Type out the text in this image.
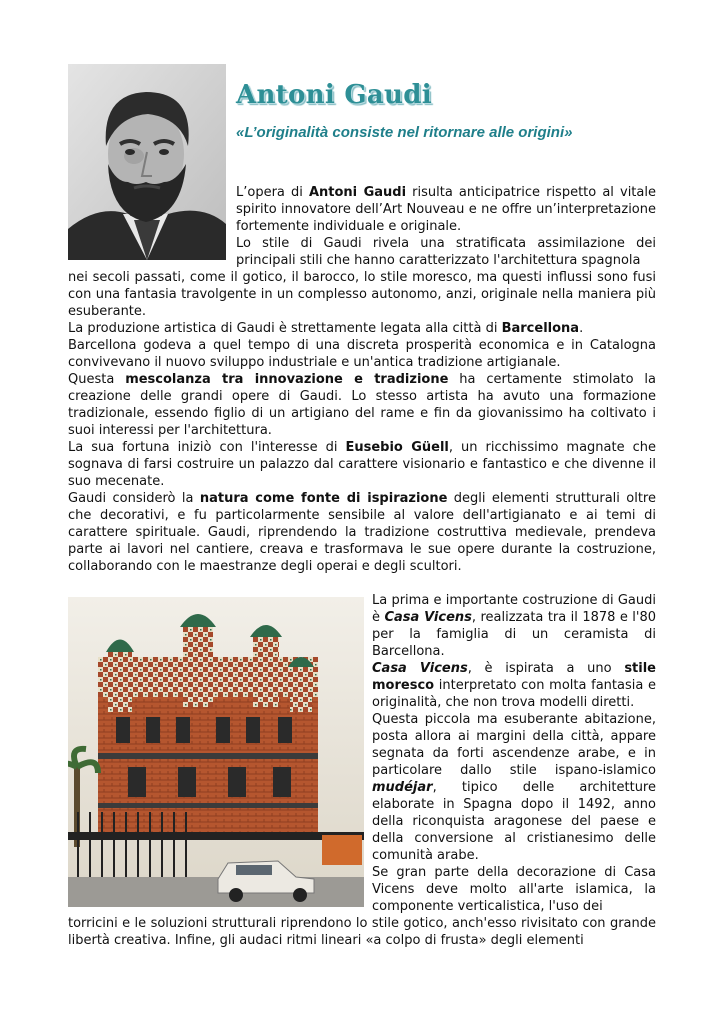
Antoni Gaudi

«L’originalità consiste nel ritornare alle origini»

L’opera di Antoni Gaudi risulta anticipatrice rispetto al vitale spirito innovatore dell’Art Nouveau e ne offre un’interpretazione fortemente individuale e originale.

Lo stile di Gaudi rivela una stratificata assimilazione dei principali stili che hanno caratterizzato l'architettura spagnola

nei secoli passati, come il gotico, il barocco, lo stile moresco, ma questi influssi sono fusi con una fantasia travolgente in un complesso autonomo, anzi, originale nella maniera più esuberante.

La produzione artistica di Gaudi è strettamente legata alla città di Barcellona.

Barcellona godeva a quel tempo di una discreta prosperità economica e in Catalogna convivevano il nuovo sviluppo industriale e un'antica tradizione artigianale.

Questa mescolanza tra innovazione e tradizione ha certamente stimolato la creazione delle grandi opere di Gaudi. Lo stesso artista ha avuto una formazione tradizionale, essendo figlio di un artigiano del rame e fin da giovanissimo ha coltivato i suoi interessi per l'architettura.

La sua fortuna iniziò con l'interesse di Eusebio Güell, un ricchissimo magnate che sognava di farsi costruire un palazzo dal carattere visionario e fantastico e che divenne il suo mecenate.

Gaudi considerò la natura come fonte di ispirazione degli elementi strutturali oltre che decorativi, e fu particolarmente sensibile al valore dell'artigianato e ai temi di carattere spirituale. Gaudi, riprendendo la tradizione costruttiva medievale, prendeva parte ai lavori nel cantiere, creava e trasformava le sue opere durante la costruzione, collaborando con le maestranze degli operai e degli scultori.

La prima e importante costruzione di Gaudi è Casa Vicens, realizzata tra il 1878 e l'80 per la famiglia di un ceramista di Barcellona.

Casa Vicens, è ispirata a uno stile moresco interpretato con molta fantasia e originalità, che non trova modelli diretti.

Questa piccola ma esuberante abitazione, posta allora ai margini della città, appare segnata da forti ascendenze arabe, e in particolare dallo stile ispano-islamico mudéjar, tipico delle architetture elaborate in Spagna dopo il 1492, anno della riconquista aragonese del paese e della conversione al cristianesimo delle comunità arabe.

Se gran parte della decorazione di Casa Vicens deve molto all'arte islamica, la componente verticalistica, l'uso dei

torricini e le soluzioni strutturali riprendono lo stile gotico, anch'esso rivisitato con grande libertà creativa. Infine, gli audaci ritmi lineari «a colpo di frusta» degli elementi
